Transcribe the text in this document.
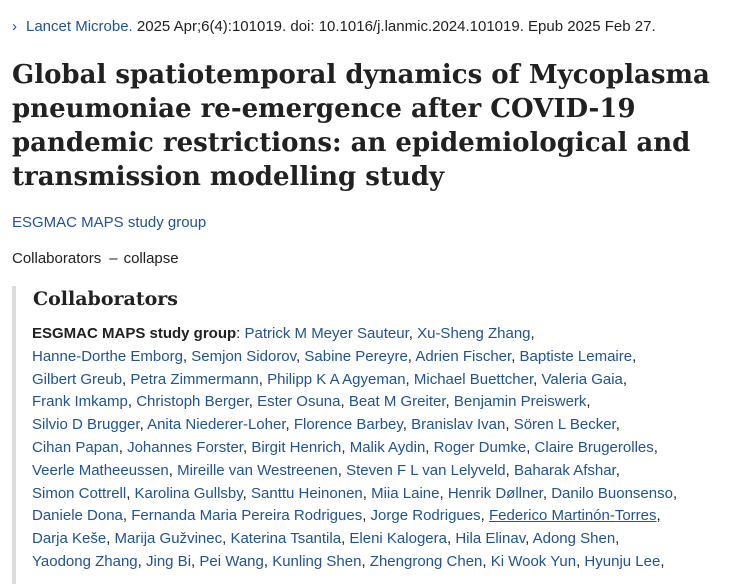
› Lancet Microbe. 2025 Apr;6(4):101019. doi: 10.1016/j.lanmic.2024.101019. Epub 2025 Feb 27.
Global spatiotemporal dynamics of Mycoplasma pneumoniae re-emergence after COVID-19 pandemic restrictions: an epidemiological and transmission modelling study
ESGMAC MAPS study group
Collaborators – collapse
Collaborators
ESGMAC MAPS study group: Patrick M Meyer Sauteur, Xu-Sheng Zhang,
Hanne-Dorthe Emborg, Semjon Sidorov, Sabine Pereyre, Adrien Fischer, Baptiste Lemaire,
Gilbert Greub, Petra Zimmermann, Philipp K A Agyeman, Michael Buettcher, Valeria Gaia,
Frank Imkamp, Christoph Berger, Ester Osuna, Beat M Greiter, Benjamin Preiswerk,
Silvio D Brugger, Anita Niederer-Loher, Florence Barbey, Branislav Ivan, Sören L Becker,
Cihan Papan, Johannes Forster, Birgit Henrich, Malik Aydin, Roger Dumke, Claire Brugerolles,
Veerle Matheeussen, Mireille van Westreenen, Steven F L van Lelyveld, Baharak Afshar,
Simon Cottrell, Karolina Gullsby, Santtu Heinonen, Miia Laine, Henrik Døllner, Danilo Buonsenso,
Daniele Dona, Fernanda Maria Pereira Rodrigues, Jorge Rodrigues, Federico Martinón-Torres,
Darja Keše, Marija Gužvinec, Katerina Tsantila, Eleni Kalogera, Hila Elinav, Adong Shen,
Yaodong Zhang, Jing Bi, Pei Wang, Kunling Shen, Zhengrong Chen, Ki Wook Yun, Hyunju Lee,
